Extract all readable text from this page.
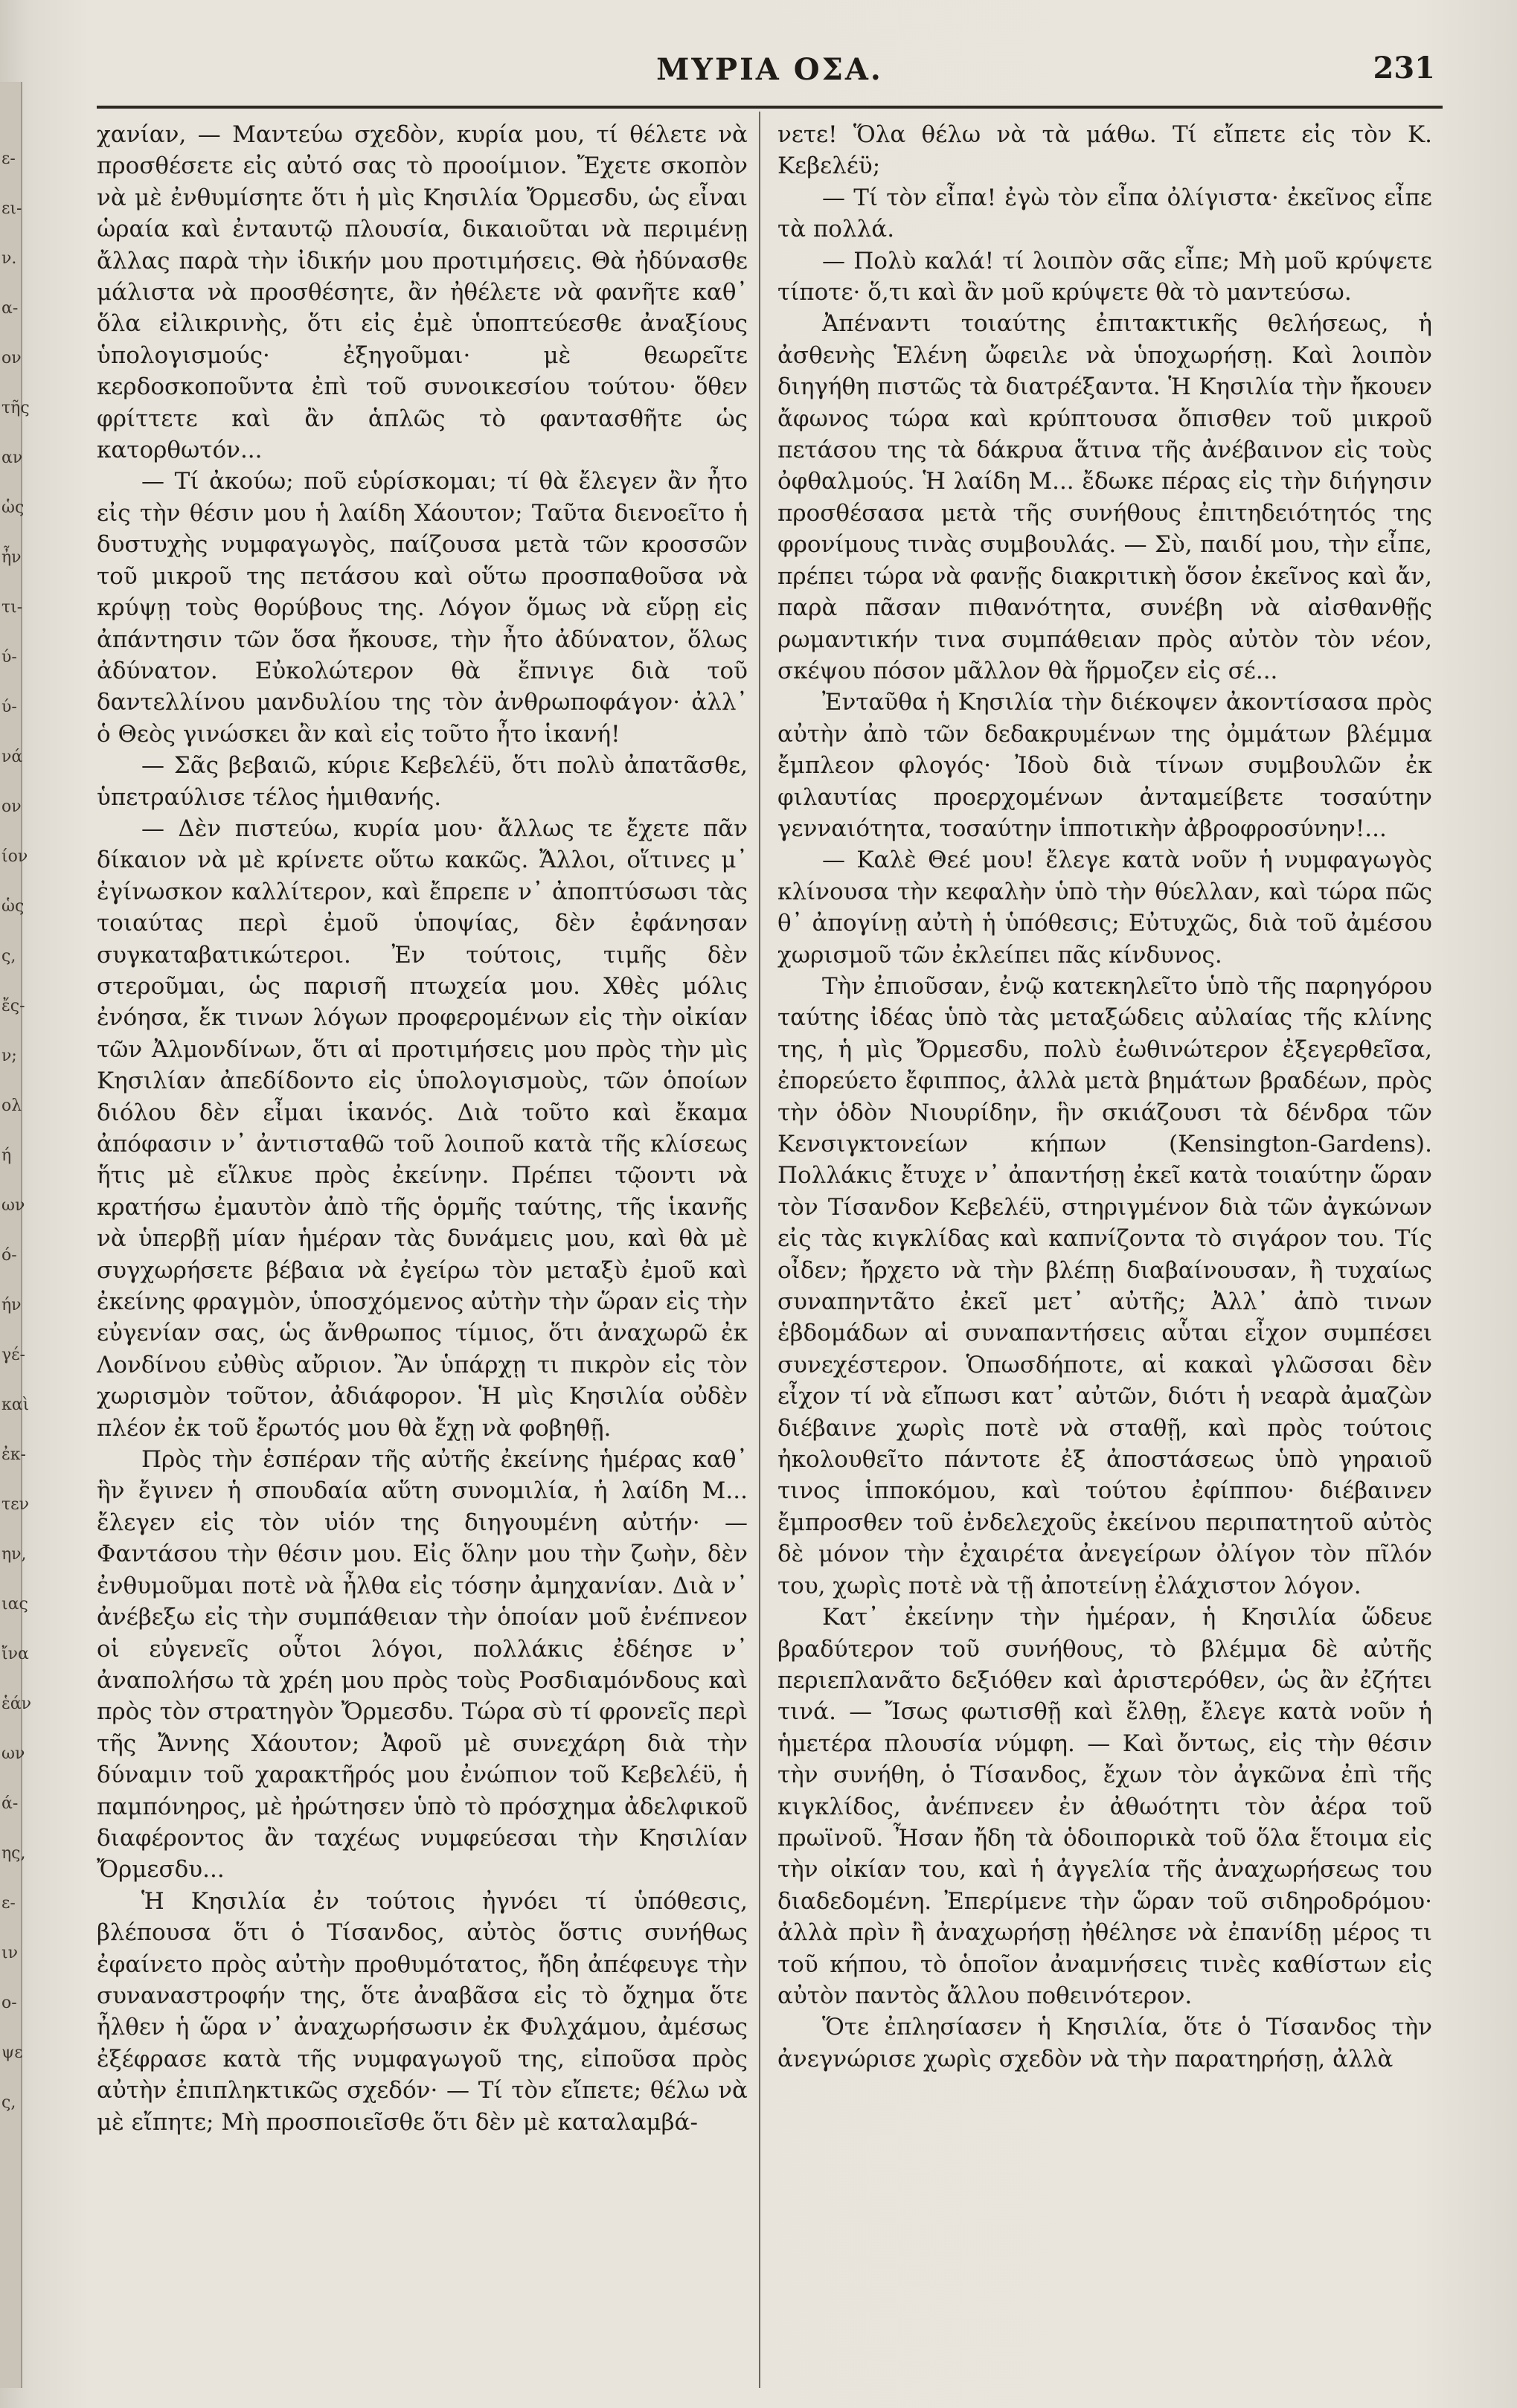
ε-
ει-
ν.
α-
ον
τῆς
αν
ὡς
ἦν
τι-
ύ-
ύ-
νά
ον
ίον
ὡς
ς,
ἔς-
ν;
ολ
ή
ων
ό-
ήν
γέ-
καὶ
ἐκ-
τεν
ην,
ιας
ἴνα
ἑάν
ων
ά-
ης,
ε-
ιν
ο-
ψε
ς,
ΜΥΡΙΑ ΟΣΑ.	231

χανίαν, — Μαντεύω σχεδὸν, κυρία μου, τί θέλετε νὰ προσθέσετε εἰς αὐτό σας τὸ προοίμιον. Ἔχετε σκοπὸν νὰ μὲ ἐνθυμίσητε ὅτι ἡ μὶς Κησιλία Ὄρμεσδυ, ὡς εἶναι ὡραία καὶ ἐνταυτῷ πλουσία, δικαιοῦται νὰ περιμένῃ ἄλλας παρὰ τὴν ἰδικήν μου προτιμήσεις. Θὰ ἠδύνασθε μάλιστα νὰ προσθέσητε, ἂν ἠθέλετε νὰ φανῆτε καθ᾽ ὅλα εἰλικρινὴς, ὅτι εἰς ἐμὲ ὑποπτεύεσθε ἀναξίους ὑπολογισμούς· ἐξηγοῦμαι· μὲ θεωρεῖτε κερδοσκοποῦντα ἐπὶ τοῦ συνοικεσίου τούτου· ὅθεν φρίττετε καὶ ἂν ἁπλῶς τὸ φαντασθῆτε ὡς κατορθωτόν...

— Τί ἀκούω; ποῦ εὑρίσκομαι; τί θὰ ἔλεγεν ἂν ἦτο εἰς τὴν θέσιν μου ἡ λαίδη Χάουτον; Ταῦτα διενοεῖτο ἡ δυστυχὴς νυμφαγωγὸς, παίζουσα μετὰ τῶν κροσσῶν τοῦ μικροῦ της πετάσου καὶ οὕτω προσπαθοῦσα νὰ κρύψῃ τοὺς θορύβους της. Λόγον ὅμως νὰ εὕρῃ εἰς ἀπάντησιν τῶν ὅσα ἤκουσε, τὴν ἦτο ἀδύνατον, ὅλως ἀδύνατον. Εὐκολώτερον θὰ ἔπνιγε διὰ τοῦ δαντελλίνου μανδυλίου της τὸν ἀνθρωποφάγον· ἀλλ᾽ ὁ Θεὸς γινώσκει ἂν καὶ εἰς τοῦτο ἦτο ἱκανή!

— Σᾶς βεβαιῶ, κύριε Κεβελέϋ, ὅτι πολὺ ἀπατᾶσθε, ὑπετραύλισε τέλος ἡμιθανής.

— Δὲν πιστεύω, κυρία μου· ἄλλως τε ἔχετε πᾶν δίκαιον νὰ μὲ κρίνετε οὕτω κακῶς. Ἄλλοι, οἵτινες μ᾽ ἐγίνωσκον καλλίτερον, καὶ ἔπρεπε ν᾽ ἀποπτύσωσι τὰς τοιαύτας περὶ ἐμοῦ ὑποψίας, δὲν ἐφάνησαν συγκαταβατικώτεροι. Ἐν τούτοις, τιμῆς δὲν στεροῦμαι, ὡς παρισῆ πτωχεία μου. Χθὲς μόλις ἐνόησα, ἔκ τινων λόγων προφερομένων εἰς τὴν οἰκίαν τῶν Ἀλμονδίνων, ὅτι αἱ προτιμήσεις μου πρὸς τὴν μὶς Κησιλίαν ἀπεδίδοντο εἰς ὑπολογισμοὺς, τῶν ὁποίων διόλου δὲν εἶμαι ἱκανός. Διὰ τοῦτο καὶ ἔκαμα ἀπόφασιν ν᾽ ἀντισταθῶ τοῦ λοιποῦ κατὰ τῆς κλίσεως ἥτις μὲ εἵλκυε πρὸς ἐκείνην. Πρέπει τῷοντι νὰ κρατήσω ἐμαυτὸν ἀπὸ τῆς ὁρμῆς ταύτης, τῆς ἱκανῆς νὰ ὑπερβῇ μίαν ἡμέραν τὰς δυνάμεις μου, καὶ θὰ μὲ συγχωρήσετε βέβαια νὰ ἐγείρω τὸν μεταξὺ ἐμοῦ καὶ ἐκείνης φραγμὸν, ὑποσχόμενος αὐτὴν τὴν ὥραν εἰς τὴν εὐγενίαν σας, ὡς ἄνθρωπος τίμιος, ὅτι ἀναχωρῶ ἐκ Λονδίνου εὐθὺς αὔριον. Ἂν ὑπάρχῃ τι πικρὸν εἰς τὸν χωρισμὸν τοῦτον, ἀδιάφορον. Ἡ μὶς Κησιλία οὐδὲν πλέον ἐκ τοῦ ἔρωτός μου θὰ ἔχῃ νὰ φοβηθῇ.

Πρὸς τὴν ἑσπέραν τῆς αὐτῆς ἐκείνης ἡμέρας καθ᾽ ἣν ἔγινεν ἡ σπουδαία αὕτη συνομιλία, ἡ λαίδη Μ... ἔλεγεν εἰς τὸν υἱόν της διηγουμένη αὐτήν· — Φαντάσου τὴν θέσιν μου. Εἰς ὅλην μου τὴν ζωὴν, δὲν ἐνθυμοῦμαι ποτὲ νὰ ἦλθα εἰς τόσην ἀμηχανίαν. Διὰ ν᾽ ἀνέβεξω εἰς τὴν συμπάθειαν τὴν ὁποίαν μοῦ ἐνέπνεον οἱ εὐγενεῖς οὗτοι λόγοι, πολλάκις ἐδέησε ν᾽ ἀναπολήσω τὰ χρέη μου πρὸς τοὺς Ροσδιαμόνδους καὶ πρὸς τὸν στρατηγὸν Ὄρμεσδυ. Τώρα σὺ τί φρονεῖς περὶ τῆς Ἄννης Χάουτον; Ἀφοῦ μὲ συνεχάρη διὰ τὴν δύναμιν τοῦ χαρακτῆρός μου ἐνώπιον τοῦ Κεβελέϋ, ἡ παμπόνηρος, μὲ ἠρώτησεν ὑπὸ τὸ πρόσχημα ἀδελφικοῦ διαφέροντος ἂν ταχέως νυμφεύεσαι τὴν Κησιλίαν Ὄρμεσδυ...

Ἡ Κησιλία ἐν τούτοις ἠγνόει τί ὑπόθεσις, βλέπουσα ὅτι ὁ Τίσανδος, αὐτὸς ὅστις συνήθως ἐφαίνετο πρὸς αὐτὴν προθυμότατος, ἤδη ἀπέφευγε τὴν συναναστροφήν της, ὅτε ἀναβᾶσα εἰς τὸ ὄχημα ὅτε ἦλθεν ἡ ὥρα ν᾽ ἀναχωρήσωσιν ἐκ Φυλχάμου, ἀμέσως ἐξέφρασε κατὰ τῆς νυμφαγωγοῦ της, εἰποῦσα πρὸς αὐτὴν ἐπιπληκτικῶς σχεδόν· — Τί τὸν εἴπετε; θέλω νὰ μὲ εἴπητε; Μὴ προσποιεῖσθε ὅτι δὲν μὲ καταλαμβά-

νετε! Ὅλα θέλω νὰ τὰ μάθω. Τί εἴπετε εἰς τὸν Κ. Κεβελέϋ;

— Τί τὸν εἶπα! ἐγὼ τὸν εἶπα ὀλίγιστα· ἐκεῖνος εἶπε τὰ πολλά.

— Πολὺ καλά! τί λοιπὸν σᾶς εἶπε; Μὴ μοῦ κρύψετε τίποτε· ὅ,τι καὶ ἂν μοῦ κρύψετε θὰ τὸ μαντεύσω.

Ἀπέναντι τοιαύτης ἐπιτακτικῆς θελήσεως, ἡ ἀσθενὴς Ἑλένη ὤφειλε νὰ ὑποχωρήσῃ. Καὶ λοιπὸν διηγήθη πιστῶς τὰ διατρέξαντα. Ἡ Κησιλία τὴν ἤκουεν ἄφωνος τώρα καὶ κρύπτουσα ὄπισθεν τοῦ μικροῦ πετάσου της τὰ δάκρυα ἅτινα τῆς ἀνέβαινον εἰς τοὺς ὀφθαλμούς. Ἡ λαίδη Μ... ἔδωκε πέρας εἰς τὴν διήγησιν προσθέσασα μετὰ τῆς συνήθους ἐπιτηδειότητός της φρονίμους τινὰς συμβουλάς. — Σὺ, παιδί μου, τὴν εἶπε, πρέπει τώρα νὰ φανῇς διακριτικὴ ὅσον ἐκεῖνος καὶ ἄν, παρὰ πᾶσαν πιθανότητα, συνέβη νὰ αἰσθανθῇς ρωμαντικήν τινα συμπάθειαν πρὸς αὐτὸν τὸν νέον, σκέψου πόσον μᾶλλον θὰ ἥρμοζεν εἰς σέ...

Ἐνταῦθα ἡ Κησιλία τὴν διέκοψεν ἀκοντίσασα πρὸς αὐτὴν ἀπὸ τῶν δεδακρυμένων της ὀμμάτων βλέμμα ἔμπλεον φλογός· Ἰδοὺ διὰ τίνων συμβουλῶν ἐκ φιλαυτίας προερχομένων ἀνταμείβετε τοσαύτην γενναιότητα, τοσαύτην ἱπποτικὴν ἀβροφροσύνην!...

— Καλὲ Θεέ μου! ἔλεγε κατὰ νοῦν ἡ νυμφαγωγὸς κλίνουσα τὴν κεφαλὴν ὑπὸ τὴν θύελλαν, καὶ τώρα πῶς θ᾽ ἀπογίνῃ αὐτὴ ἡ ὑπόθεσις; Εὐτυχῶς, διὰ τοῦ ἀμέσου χωρισμοῦ τῶν ἐκλείπει πᾶς κίνδυνος.

Τὴν ἐπιοῦσαν, ἐνῷ κατεκηλεῖτο ὑπὸ τῆς παρηγόρου ταύτης ἰδέας ὑπὸ τὰς μεταξώδεις αὐλαίας τῆς κλίνης της, ἡ μὶς Ὄρμεσδυ, πολὺ ἐωθινώτερον ἐξεγερθεῖσα, ἐπορεύετο ἔφιππος, ἀλλὰ μετὰ βημάτων βραδέων, πρὸς τὴν ὁδὸν Νιουρίδην, ἣν σκιάζουσι τὰ δένδρα τῶν Κενσιγκτονείων κήπων (Kensington-Gardens). Πολλάκις ἔτυχε ν᾽ ἀπαντήσῃ ἐκεῖ κατὰ τοιαύτην ὥραν τὸν Τίσανδον Κεβελέϋ, στηριγμένον διὰ τῶν ἀγκώνων εἰς τὰς κιγκλίδας καὶ καπνίζοντα τὸ σιγάρον του. Τίς οἶδεν; ἤρχετο νὰ τὴν βλέπῃ διαβαίνουσαν, ἢ τυχαίως συναπηντᾶτο ἐκεῖ μετ᾽ αὐτῆς; Ἀλλ᾽ ἀπὸ τινων ἑβδομάδων αἱ συναπαντήσεις αὗται εἶχον συμπέσει συνεχέστερον. Ὁπωσδήποτε, αἱ κακαὶ γλῶσσαι δὲν εἶχον τί νὰ εἴπωσι κατ᾽ αὐτῶν, διότι ἡ νεαρὰ ἀμαζὼν διέβαινε χωρὶς ποτὲ νὰ σταθῇ, καὶ πρὸς τούτοις ἠκολουθεῖτο πάντοτε ἐξ ἀποστάσεως ὑπὸ γηραιοῦ τινος ἱπποκόμου, καὶ τούτου ἐφίππου· διέβαινεν ἔμπροσθεν τοῦ ἐνδελεχοῦς ἐκείνου περιπατητοῦ αὐτὸς δὲ μόνον τὴν ἐχαιρέτα ἀνεγείρων ὀλίγον τὸν πῖλόν του, χωρὶς ποτὲ νὰ τῇ ἀποτείνῃ ἐλάχιστον λόγον.

Κατ᾽ ἐκείνην τὴν ἡμέραν, ἡ Κησιλία ὥδευε βραδύτερον τοῦ συνήθους, τὸ βλέμμα δὲ αὐτῆς περιεπλανᾶτο δεξιόθεν καὶ ἀριστερόθεν, ὡς ἂν ἐζήτει τινά. — Ἴσως φωτισθῇ καὶ ἔλθῃ, ἔλεγε κατὰ νοῦν ἡ ἡμετέρα πλουσία νύμφη. — Καὶ ὄντως, εἰς τὴν θέσιν τὴν συνήθη, ὁ Τίσανδος, ἔχων τὸν ἀγκῶνα ἐπὶ τῆς κιγκλίδος, ἀνέπνεεν ἐν ἀθωότητι τὸν ἀέρα τοῦ πρωϊνοῦ. Ἦσαν ἤδη τὰ ὁδοιπορικὰ τοῦ ὅλα ἕτοιμα εἰς τὴν οἰκίαν του, καὶ ἡ ἀγγελία τῆς ἀναχωρήσεως του διαδεδομένη. Ἐπερίμενε τὴν ὥραν τοῦ σιδηροδρόμου· ἀλλὰ πρὶν ἢ ἀναχωρήσῃ ἠθέλησε νὰ ἐπανίδῃ μέρος τι τοῦ κήπου, τὸ ὁποῖον ἀναμνήσεις τινὲς καθίστων εἰς αὐτὸν παντὸς ἄλλου ποθεινότερον.

Ὅτε ἐπλησίασεν ἡ Κησιλία, ὅτε ὁ Τίσανδος τὴν ἀνεγνώρισε χωρὶς σχεδὸν νὰ τὴν παρατηρήσῃ, ἀλλὰ
